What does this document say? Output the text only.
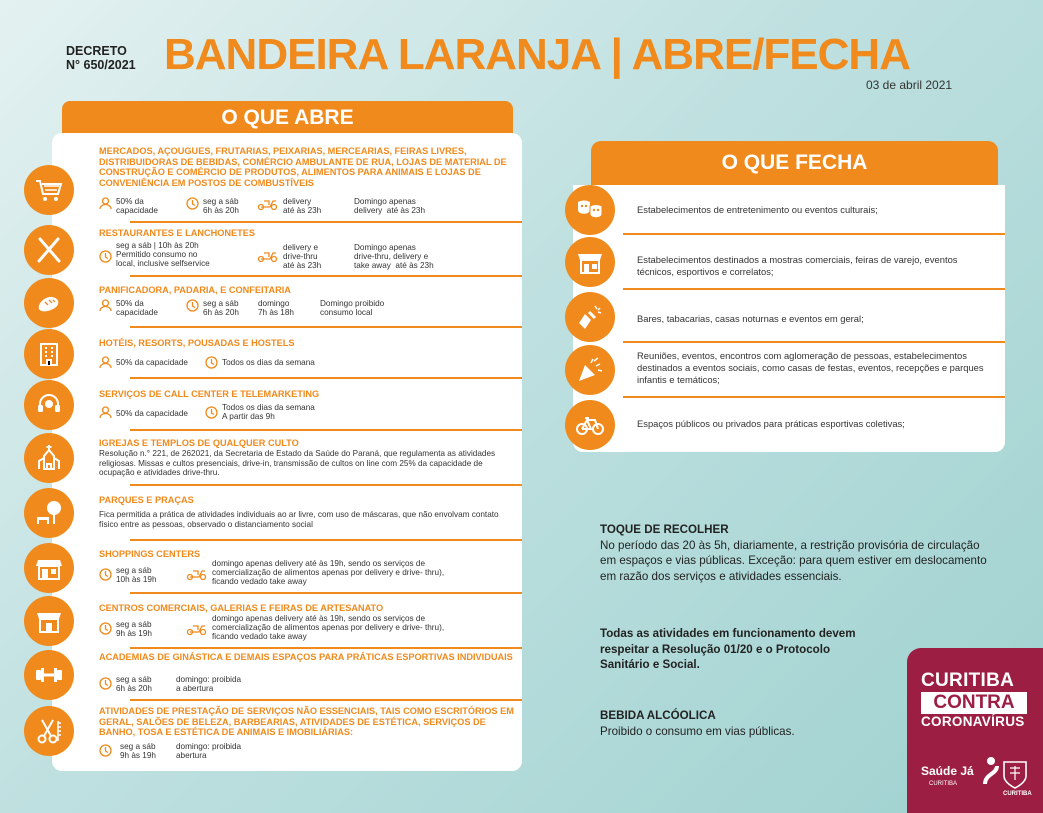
DECRETO
N° 650/2021 BANDEIRA LARANJA | ABRE/FECHA
03 de abril 2021
O QUE ABRE
MERCADOS, AÇOUGUES, FRUTARIAS, PEIXARIAS, MERCEARIAS, FEIRAS LIVRES, DISTRIBUIDORAS DE BEBIDAS, COMÉRCIO AMBULANTE DE RUA, LOJAS DE MATERIAL DE CONSTRUÇÃO E COMÉRCIO DE PRODUTOS, ALIMENTOS PARA ANIMAIS E LOJAS DE CONVENIÊNCIA EM POSTOS DE COMBUSTÍVEIS
50% da
capacidade
seg a sáb
6h às 20h
delivery
até às 23h
Domingo apenas
delivery  até às 23h
RESTAURANTES E LANCHONETES
seg a sáb | 10h às 20h
Permitido consumo no
local, inclusive selfservice
delivery e
drive-thru
até às 23h
Domingo apenas
drive-thru, delivery e
take away  até às 23h
PANIFICADORA, PADARIA, E CONFEITARIA
50% da
capacidade
seg a sáb
6h às 20h
domingo
7h às 18h
Domingo proibido
consumo local
HOTÉIS, RESORTS, POUSADAS E HOSTELS
50% da capacidade	Todos os dias da semana
SERVIÇOS DE CALL CENTER E TELEMARKETING
50% da capacidade
Todos os dias da semana
A partir das 9h
IGREJAS E TEMPLOS DE QUALQUER CULTO
Resolução n.° 221, de 262021, da Secretaria de Estado da Saúde do Paraná, que regulamenta as atividades religiosas. Missas e cultos presenciais, drive-in, transmissão de cultos on line com 25% da capacidade de ocupação e atividades drive-thru.
PARQUES E PRAÇAS
Fica permitida a prática de atividades individuais ao ar livre, com uso de máscaras, que não envolvam contato físico entre as pessoas, observado o distanciamento social
SHOPPINGS CENTERS
seg a sáb
10h às 19h
domingo apenas delivery até às 19h, sendo os serviços de
comercialização de alimentos apenas por delivery e drive- thru),
ficando vedado take away
CENTROS COMERCIAIS, GALERIAS E FEIRAS DE ARTESANATO
seg a sáb
9h às 19h
domingo apenas delivery até às 19h, sendo os serviços de
comercialização de alimentos apenas por delivery e drive- thru),
ficando vedado take away
ACADEMIAS DE GINÁSTICA E DEMAIS ESPAÇOS PARA PRÁTICAS ESPORTIVAS INDIVIDUAIS
seg a sáb
6h às 20h
domingo: proibida
a abertura
ATIVIDADES DE PRESTAÇÃO DE SERVIÇOS NÃO ESSENCIAIS, TAIS COMO ESCRITÓRIOS EM GERAL, SALÕES DE BELEZA, BARBEARIAS, ATIVIDADES DE ESTÉTICA, SERVIÇOS DE BANHO, TOSA E ESTÉTICA DE ANIMAIS E IMOBILIÁRIAS:
seg a sáb
9h às 19h
domingo: proibida
abertura
O QUE FECHA
Estabelecimentos de entretenimento ou eventos culturais;
Estabelecimentos destinados a mostras comerciais, feiras de varejo, eventos técnicos, esportivos e correlatos;
Bares, tabacarias, casas noturnas e eventos em geral;
Reuniões, eventos, encontros com aglomeração de pessoas, estabelecimentos destinados a eventos sociais, como casas de festas, eventos, recepções e parques infantis e temáticos;
Espaços públicos ou privados para práticas esportivas coletivas;
TOQUE DE RECOLHER
No período das 20 às 5h, diariamente, a restrição provisória de circulação em espaços e vias públicas. Exceção: para quem estiver em deslocamento em razão dos serviços e atividades essenciais.
Todas as atividades em funcionamento devem respeitar a Resolução 01/20 e o Protocolo Sanitário e Social.
BEBIDA ALCÓOLICA
Proibido o consumo em vias públicas.
CURITIBA
CONTRA
CORONAVÍRUS
Saúde Já
CURITIBA
CURITIBA
